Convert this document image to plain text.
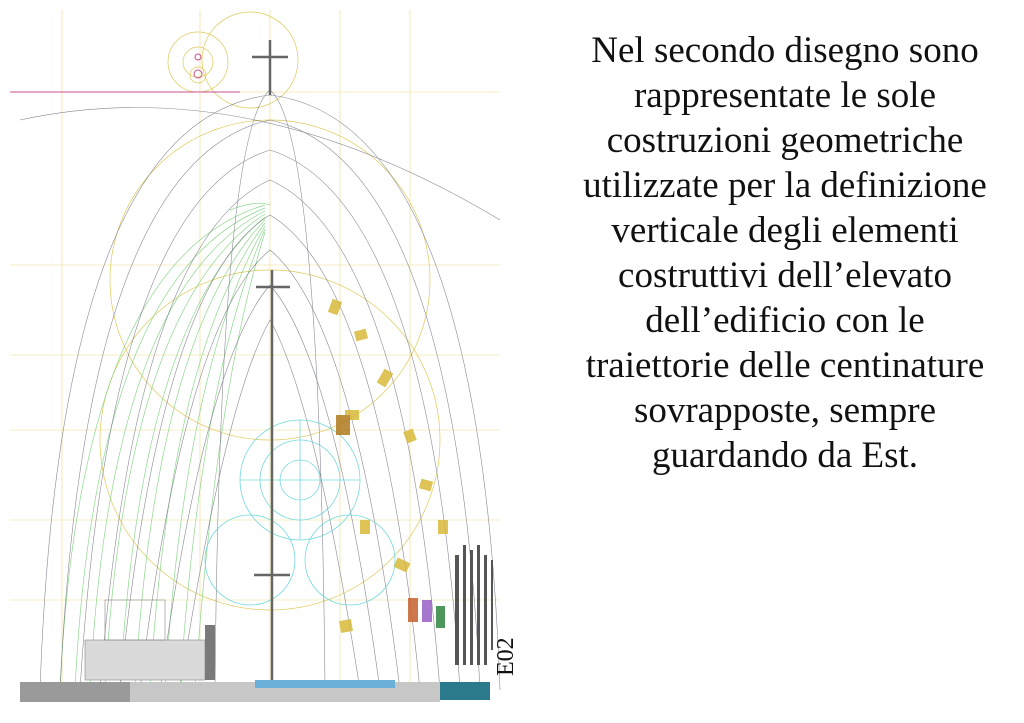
E02
Nel secondo disegno sono
rappresentate le sole
costruzioni geometriche
utilizzate per la definizione
verticale degli elementi
costruttivi dell’elevato
dell’edificio con le
traiettorie delle centinature
sovrapposte, sempre
guardando da Est.
